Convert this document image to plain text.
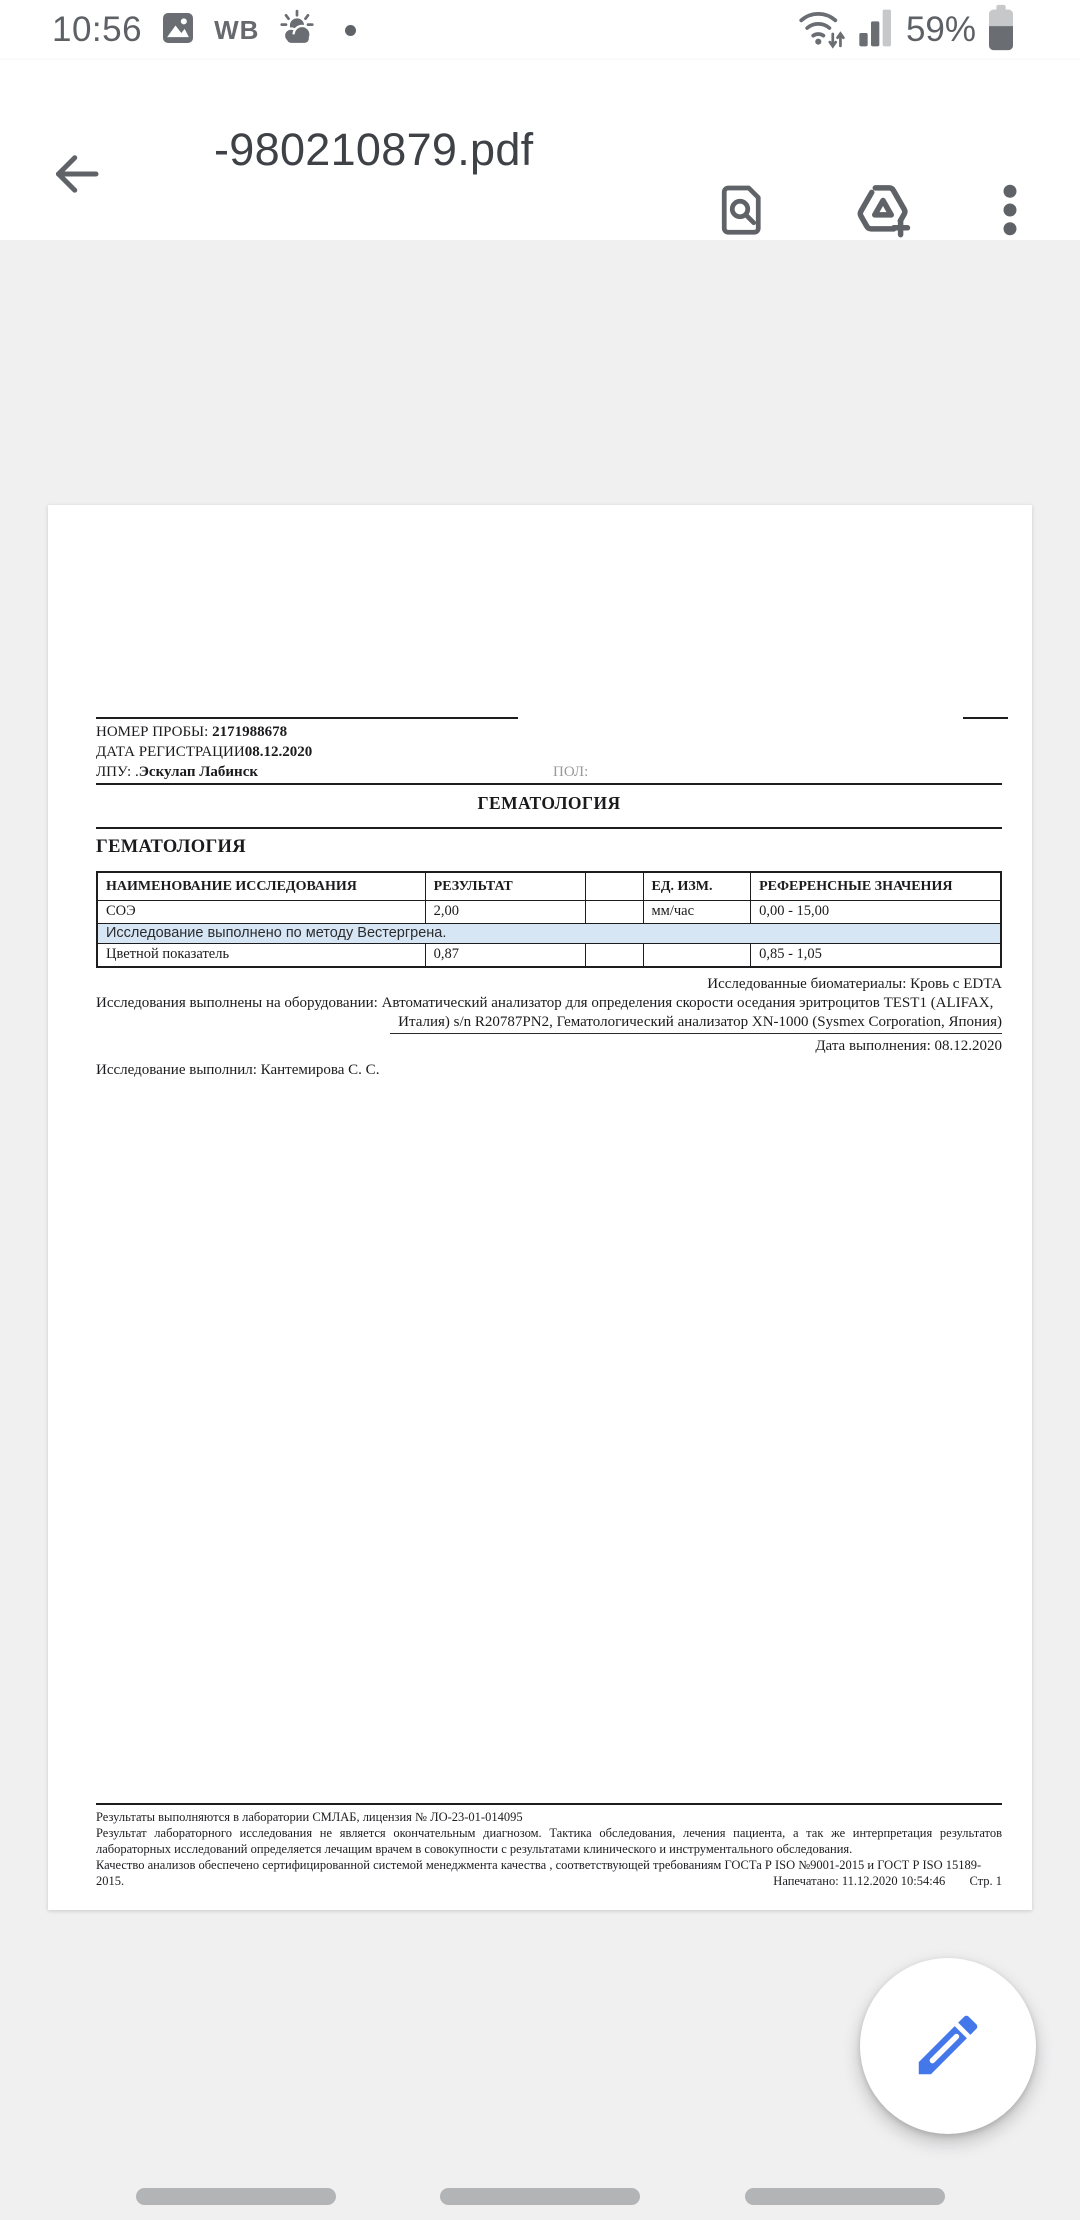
10:56	WB	59%
-980210879.pdf
НОМЕР ПРОБЫ: 2171988678
ДАТА РЕГИСТРАЦИИ08.12.2020
ЛПУ: .Эскулап Лабинск	ПОЛ:
ГЕМАТОЛОГИЯ
ГЕМАТОЛОГИЯ
НАИМЕНОВАНИЕ ИССЛЕДОВАНИЯ	РЕЗУЛЬТАТ		ЕД. ИЗМ.	РЕФЕРЕНСНЫЕ ЗНАЧЕНИЯ
СОЭ	2,00		мм/час	0,00 - 15,00
Исследование выполнено по методу Вестергрена.				
Цветной показатель	0,87			0,85 - 1,05
Исследованные биоматериалы: Кровь с EDTA
Исследования выполнены на оборудовании: Автоматический анализатор для определения скорости оседания эритроцитов TEST1 (ALIFAX,
Италия) s/n R20787PN2, Гематологический анализатор XN-1000 (Sysmex Corporation, Япония)
Дата выполнения: 08.12.2020
Исследование выполнил: Кантемирова С. С.
Результаты выполняются в лаборатории СМЛАБ, лицензия № ЛО-23-01-014095
Результат лабораторного исследования не является окончательным диагнозом. Тактика обследования, лечения пациента, а так же интерпретация результатов лабораторных исследований определяется лечащим врачем в совокупности с результатами клинического и инструментального обследования.
Качество анализов обеспечено сертифицированной системой менеджмента качества , соответствующей требованиям ГОСТа Р ISO №9001-2015 и ГОСТ Р ISO 15189-2015.	Напечатано: 11.12.2020 10:54:46 Стр. 1
